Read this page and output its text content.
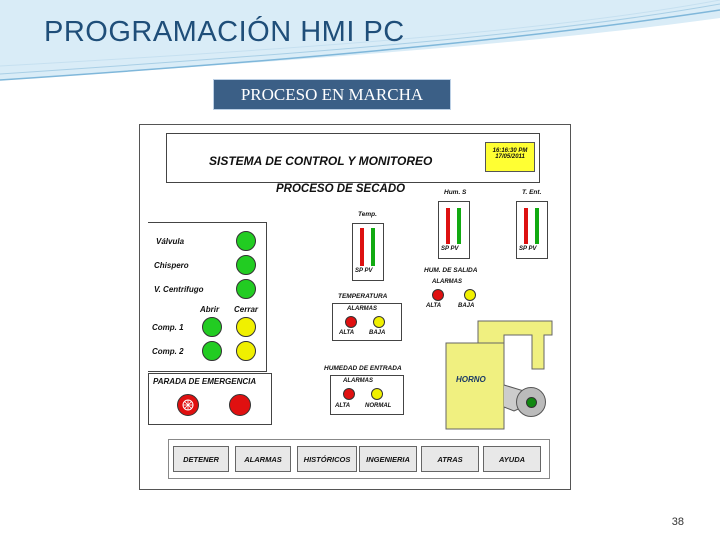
PROGRAMACIÓN HMI PC
PROCESO EN MARCHA
SISTEMA DE CONTROL Y MONITOREO
16:16:30 PM
17/05/2011
PROCESO DE SECADO
Válvula
Chispero
V. Centrifugo
Abrir Cerrar
Comp. 1
Comp. 2
PARADA DE EMERGENCIA
Temp.
SP PV
Hum. S
SP PV
T. Ent.
SP PV
TEMPERATURA
ALARMAS
ALTA BAJA
HUM. DE SALIDA
ALARMAS
ALTA	BAJA
HUMEDAD DE ENTRADA
ALARMAS
ALTA NORMAL
HORNO
DETENER	ALARMAS	HISTÓRICOS	INGENIERIA	ATRAS	AYUDA
38
